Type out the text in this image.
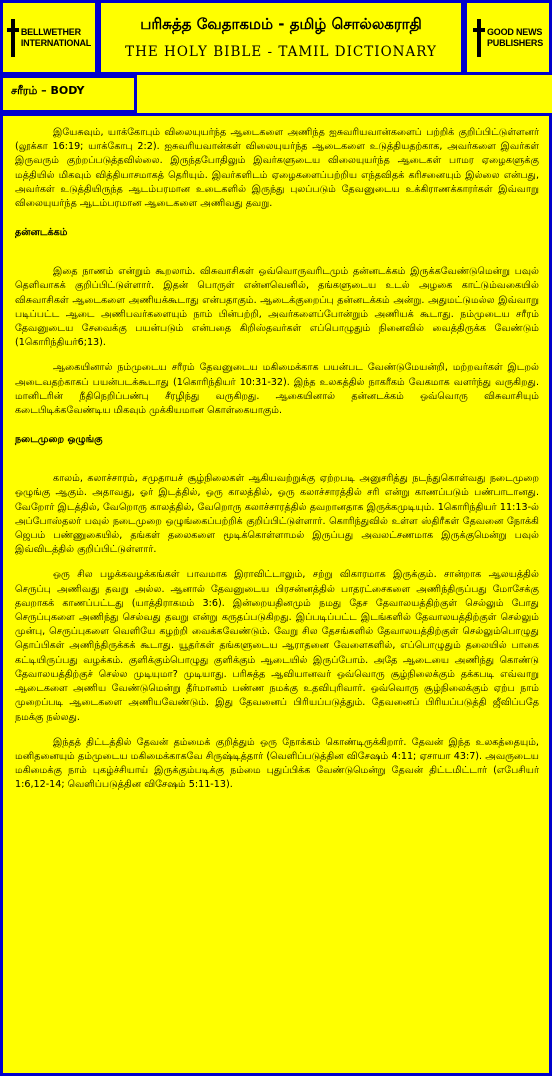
BELLWETHER
INTERNATIONAL
பரிசுத்த வேதாகமம் - தமிழ் சொல்லகராதி
THE HOLY BIBLE - TAMIL DICTIONARY
GOOD NEWS
PUBLISHERS
சரீரம் – BODY

இயேசுவும், யாக்கோபும் விலையுயர்ந்த ஆடைகளை அணிந்த ஐசுவரியவான்களைப் பற்றிக் குறிப்பிட்டுள்ளனர் (லூக்கா 16:19; யாக்கோபு 2:2). ஐசுவரியவான்கள் விலையுயர்ந்த ஆடைகளை உடுத்தியதற்காக, அவர்களை இவர்கள் இருவரும் குற்றப்படுத்தவில்லை. இருந்தபோதிலும் இவர்களுடைய விலையுயர்ந்த ஆடைகள் பாமர ஏழைகளுக்கு மத்தியில் மிகவும் வித்தியாசமாகத் தெரியும். இவர்களிடம் ஏழைகளைப்பற்றிய எந்தவிதக் கரிசனையும் இல்லை என்பது, அவர்கள் உடுத்தியிருந்த ஆடம்பரமான உடைகளில் இருந்து புலப்படும் தேவனுடைய உக்கிராணக்காரர்கள் இவ்வாறு விலையுயர்ந்த ஆடம்பரமான ஆடைகளை அணிவது தவறு.

தன்னடக்கம்

இதை நாணம் என்றும் கூறலாம். விசுவாசிகள் ஒவ்வொருவரிடமும் தன்னடக்கம் இருக்கவேண்டுமென்று பவுல் தெளிவாகக் குறிப்பிட்டுள்ளார். இதன் பொருள் என்னவெனில், தங்களுடைய உடல் அழகை காட்டும்வகையில் விசுவாசிகள் ஆடைகளை அணியக்கூடாது என்பதாகும். ஆடைக்குறைப்பு தன்னடக்கம் அன்று. அதுமட்டுமல்ல இவ்வாறு படிப்பட்ட ஆடை அணிபவர்களையும் நாம் பின்பற்றி, அவர்களைப்போன்றும் அணியக் கூடாது. நம்முடைய சரீரம் தேவனுடைய சேவைக்கு பயன்படும் என்பதை கிறிஸ்தவர்கள் எப்பொழுதும் நினைவில் வைத்திருக்க வேண்டும் (1கொரிந்தியர்6;13).

ஆகையினால் நம்முடைய சரீரம் தேவனுடைய மகிமைக்காக பயன்பட வேண்டுமேயன்றி, மற்றவர்கள் இடறல் அடைவதற்காகப் பயன்படக்கூடாது (1கொரிந்தியர் 10:31-32). இந்த உலகத்தில் நாகரீகம் வேகமாக வளர்ந்து வருகிறது. மானிடரின் நீதிநெறிப்பண்பு சீரழிந்து வருகிறது. ஆகையினால் தன்னடக்கம் ஒவ்வொரு விசுவாசியும் கடைபிடிக்கவேண்டிய மிகவும் முக்கியமான கொள்கையாகும்.

நடைமுறை ஒழுங்கு

காலம், கலாச்சாரம், சமுதாயச் சூழ்நிலைகள் ஆகியவற்றுக்கு ஏற்றபடி அனுசரித்து நடந்துகொள்வது நடைமுறை ஒழுங்கு ஆகும். அதாவது, ஓர் இடத்தில், ஒரு காலத்தில், ஒரு கலாச்சாரத்தில் சரி என்று காணப்படும் பண்பாடானது. வேறோர் இடத்தில், வேறொரு காலத்தில், வேறொரு கலாச்சாரத்தில் தவறானதாக இருக்கமுடியும். 1கொரிந்தியர் 11:13-ல் அப்போஸ்தலர் பவுல் நடைமுறை ஒழுங்கைப்பற்றிக் குறிப்பிட்டுள்ளார். கொரிந்துவில் உள்ள ஸ்திரீகள் தேவனை நோக்கி ஜெபம் பண்ணுகையில், தங்கள் தலைகளை மூடிக்கொள்ளாமல் இருப்பது அவலட்சணமாக இருக்குமென்று பவுல் இவ்விடத்தில் குறிப்பிட்டுள்ளார்.

ஒரு சில பழக்கவழக்கங்கள் பாவமாக இராவிட்டாலும், சற்று விகாரமாக இருக்கும். சான்றாக ஆலயத்தில் செருப்பு அணிவது தவறு அல்ல. ஆனால் தேவனுடைய பிரசன்னத்தில் பாதரட்சைகளை அணிந்திருப்பது மோசேக்கு தவறாகக் காணப்பட்டது (யாத்திராகமம் 3:6). இன்றையதினமும் நமது தேச தேவாலயத்திற்குள் செல்லும் போது செருப்புகளை அணிந்து செல்வது தவறு என்று கருதப்படுகிறது. இப்படிப்பட்ட இடங்களில் தேவாலயத்திற்குள் செல்லும் முன்பு, செருப்புகளை வெளியே கழற்றி வைக்கவேண்டும். வேறு சில தேசங்களில் தேவாலயத்திற்குள் செல்லும்பொழுது தொப்பிகள் அணிந்திருக்கக் கூடாது. யூதர்கள் தங்களுடைய ஆராதனை வேளைகளில், எப்பொழுதும் தலையில் பாகை கட்டியிருப்பது வழக்கம். குளிக்கும்பொழுது குளிக்கும் ஆடையில் இருப்போம். அதே ஆடையை அணிந்து கொண்டு தேவாலயத்திற்குச் செல்ல முடியுமா? முடியாது. பரிசுத்த ஆவியானவர் ஒவ்வொரு சூழ்நிலைக்கும் தக்கபடி எவ்வாறு ஆடைகளை அணிய வேண்டுமென்று தீர்மானம் பண்ண நமக்கு உதவிபுரிவார். ஒவ்வொரு சூழ்நிலைக்கும் ஏற்ப நாம் முறைப்படி ஆடைகளை அணியவேண்டும். இது தேவனைப் பிரியப்படுத்தும். தேவனைப் பிரியப்படுத்தி ஜீவிப்பதே நமக்கு நல்லது.

இந்தத் திட்டத்தில் தேவன் தம்மைக் குறித்தும் ஒரு நோக்கம் கொண்டிருக்கிறார். தேவன் இந்த உலகத்தையும், மனிதனையும் தம்முடைய மகிமைக்காகவே சிருஷ்டித்தார் (வெளிப்படுத்தின விசேஷம் 4:11; ஏசாயா 43:7). அவருடைய மகிமைக்கு நாம் புகழ்ச்சியாய் இருக்கும்படிக்கு நம்மை புதுப்பிக்க வேண்டுமென்று தேவன் திட்டமிட்டார் (எபேசியர் 1:6,12-14; வெளிப்படுத்தின விசேஷம் 5:11-13).
